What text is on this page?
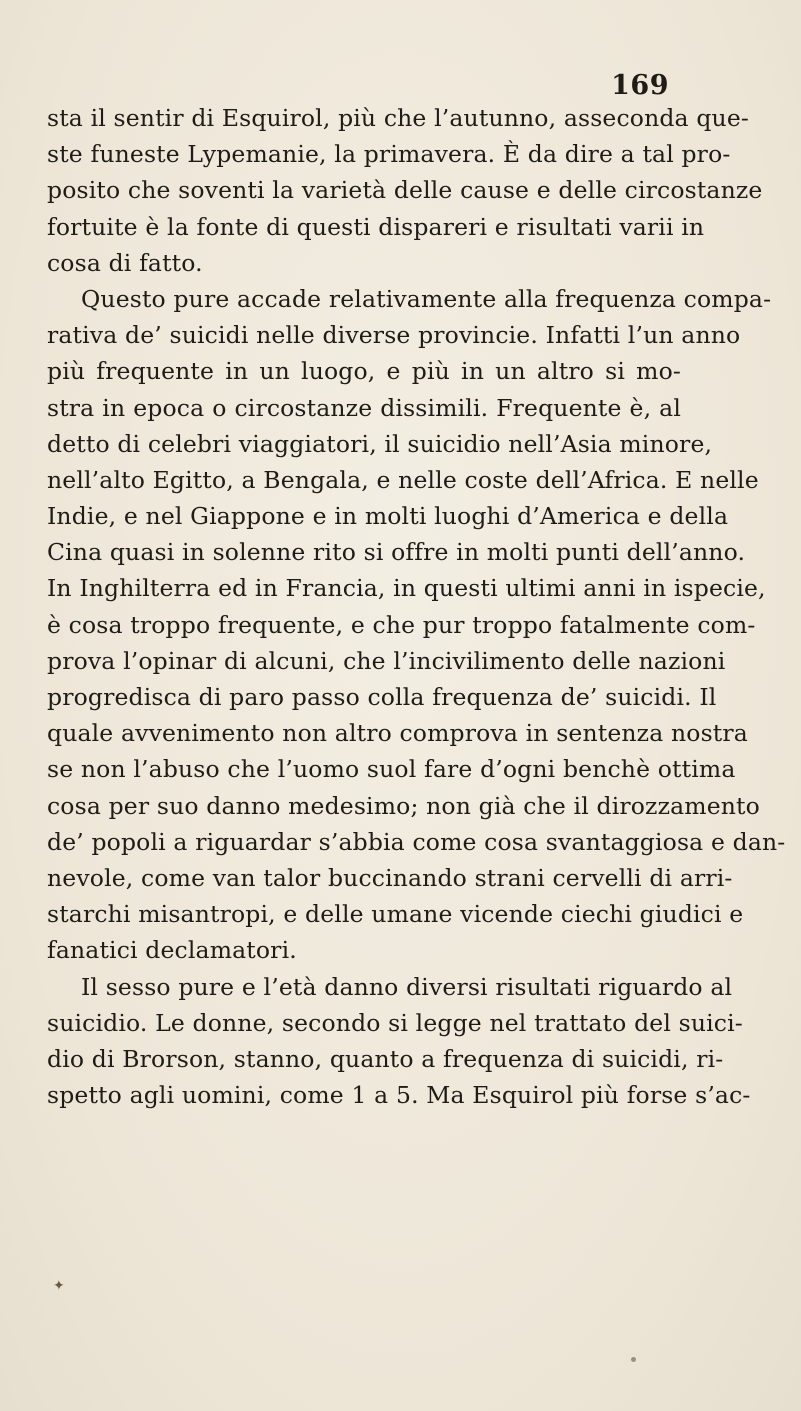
169
sta il sentir di Esquirol, più che l’autunno, asseconda que-
ste funeste Lypemanie, la primavera. È da dire a tal pro-
posito che soventi la varietà delle cause e delle circostanze
fortuite è la fonte di questi dispareri e risultati varii in
cosa di fatto.
Questo pure accade relativamente alla frequenza compa-
rativa de’ suicidi nelle diverse provincie. Infatti l’un anno
più frequente in un luogo, e più in un altro si mo-
stra in epoca o circostanze dissimili. Frequente è, al
detto di celebri viaggiatori, il suicidio nell’Asia minore,
nell’alto Egitto, a Bengala, e nelle coste dell’Africa. E nelle
Indie, e nel Giappone e in molti luoghi d’America e della
Cina quasi in solenne rito si offre in molti punti dell’anno.
In Inghilterra ed in Francia, in questi ultimi anni in ispecie,
è cosa troppo frequente, e che pur troppo fatalmente com-
prova l’opinar di alcuni, che l’incivilimento delle nazioni
progredisca di paro passo colla frequenza de’ suicidi. Il
quale avvenimento non altro comprova in sentenza nostra
se non l’abuso che l’uomo suol fare d’ogni benchè ottima
cosa per suo danno medesimo; non già che il dirozzamento
de’ popoli a riguardar s’abbia come cosa svantaggiosa e dan-
nevole, come van talor buccinando strani cervelli di arri-
starchi misantropi, e delle umane vicende ciechi giudici e
fanatici declamatori.
Il sesso pure e l’età danno diversi risultati riguardo al
suicidio. Le donne, secondo si legge nel trattato del suici-
dio di Brorson, stanno, quanto a frequenza di suicidi, ri-
spetto agli uomini, come 1 a 5. Ma Esquirol più forse s’ac-
✦
